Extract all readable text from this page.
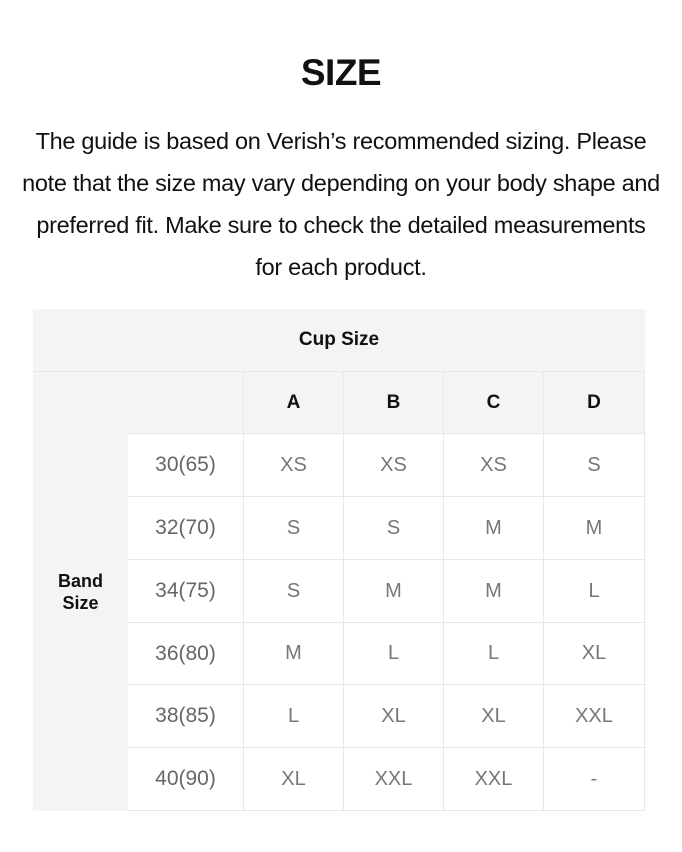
SIZE
The guide is based on Verish’s recommended sizing. Please note that the size may vary depending on your body shape and preferred fit. Make sure to check the detailed measurements for each product.
Cup Size
Band
Size
A	B	C	D
30(65)	XS	XS	XS	S
32(70)	S	S	M	M
34(75)	S	M	M	L
36(80)	M	L	L	XL
38(85)	L	XL	XL	XXL
40(90)	XL	XXL	XXL	-
